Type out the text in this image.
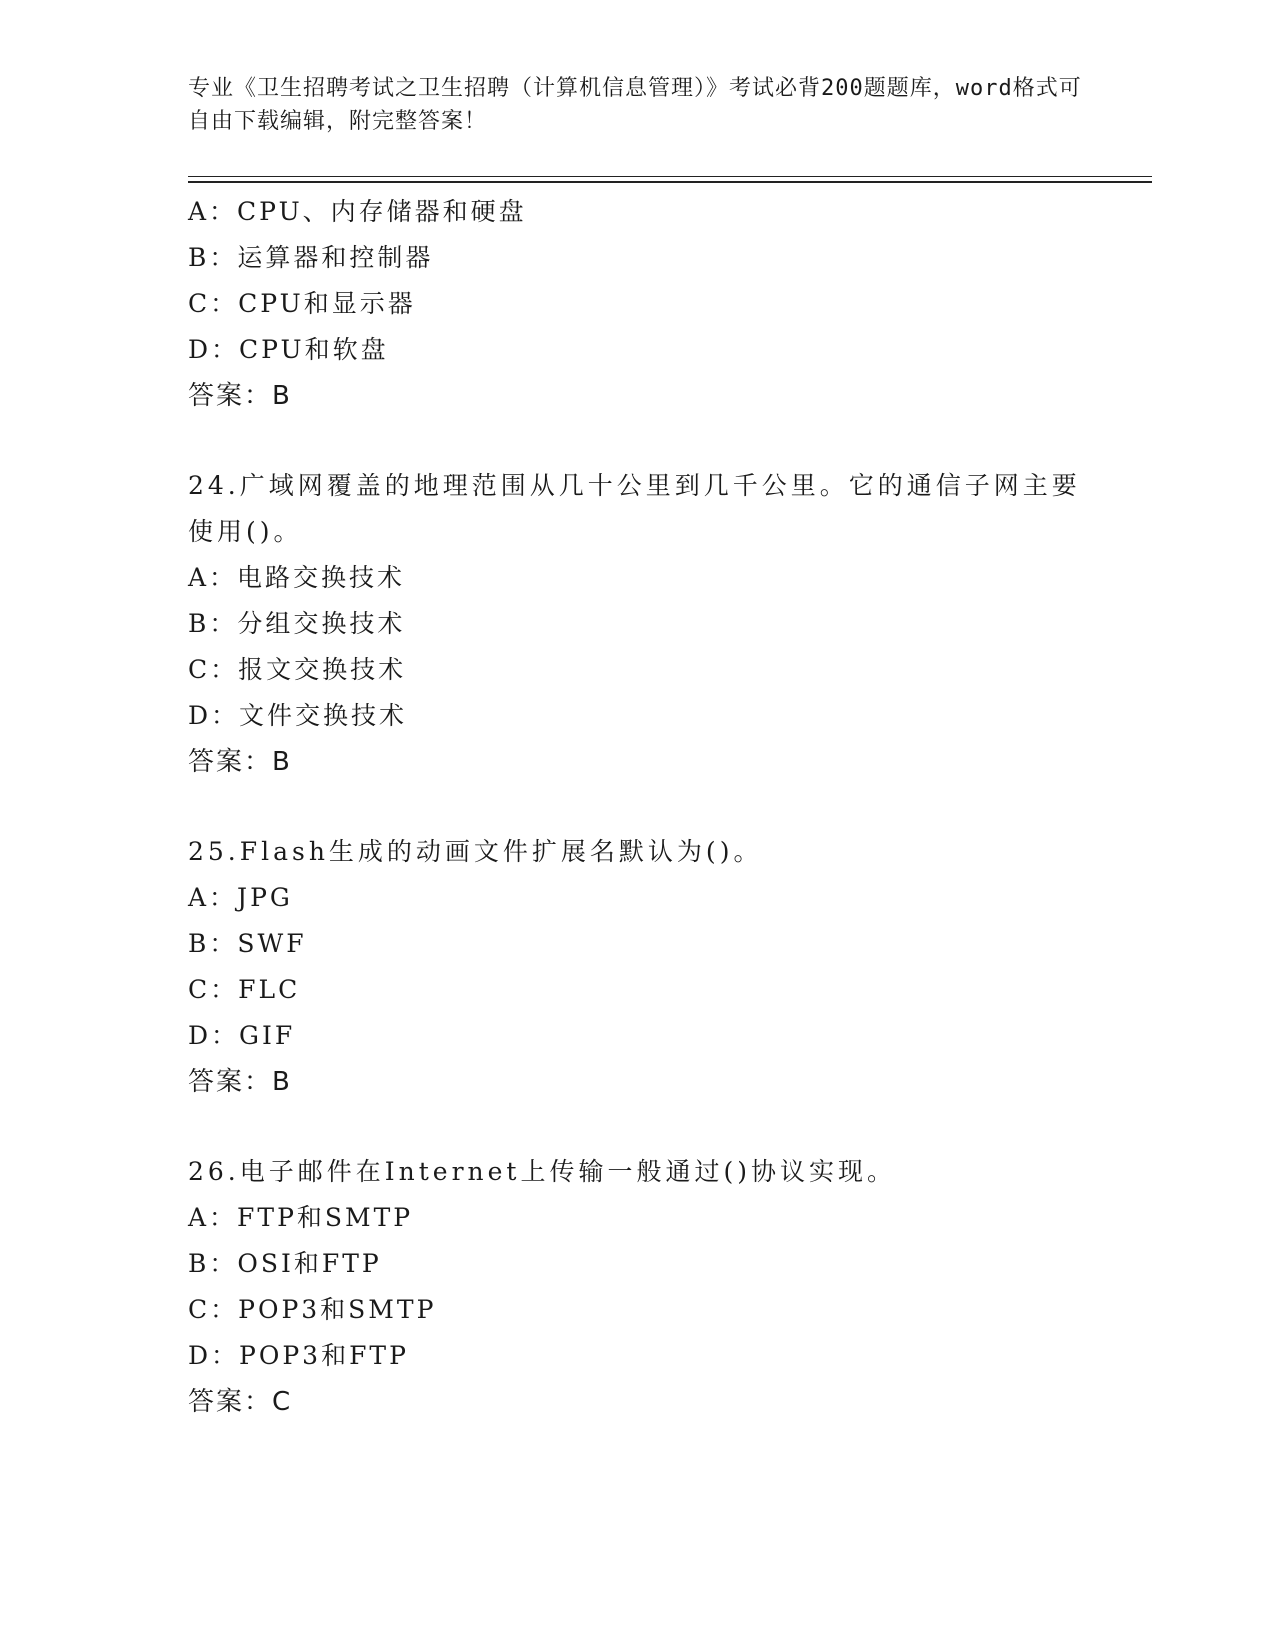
专业《卫生招聘考试之卫生招聘（计算机信息管理）》考试必背200题题库，word格式可自由下载编辑，附完整答案！
A：CPU、内存储器和硬盘
B：运算器和控制器
C：CPU和显示器
D：CPU和软盘
答案：B
24.广域网覆盖的地理范围从几十公里到几千公里。它的通信子网主要使用()。
A：电路交换技术
B：分组交换技术
C：报文交换技术
D：文件交换技术
答案：B
25.Flash生成的动画文件扩展名默认为()。
A：JPG
B：SWF
C：FLC
D：GIF
答案：B
26.电子邮件在Internet上传输一般通过()协议实现。
A：FTP和SMTP
B：OSI和FTP
C：POP3和SMTP
D：POP3和FTP
答案：C
